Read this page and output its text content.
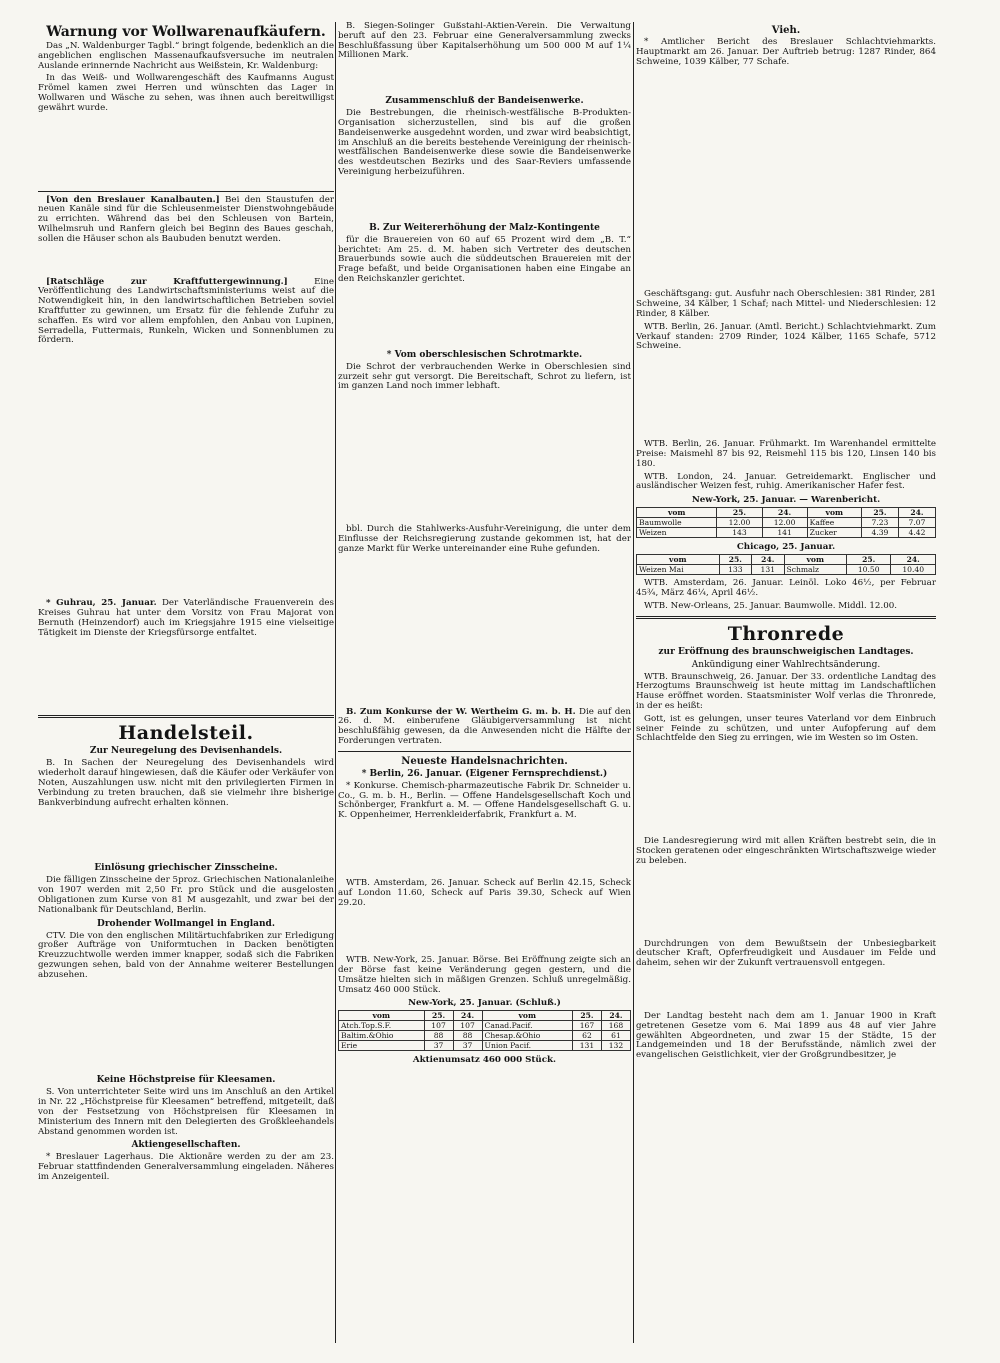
Warnung vor Wollwarenaufkäufern.

Das „N. Waldenburger Tagbl.“ bringt folgende, bedenklich an die angeblichen englischen Massenaufkaufsversuche im neutralen Auslande erinnernde Nachricht aus Weißstein, Kr. Waldenburg:

In das Weiß- und Wollwarengeschäft des Kaufmanns August Frömel kamen zwei Herren und wünschten das Lager in Wollwaren und Wäsche zu sehen, was ihnen auch bereitwilligst gewährt wurde.

[Von den Breslauer Kanalbauten.] Bei den Staustufen der neuen Kanäle sind für die Schleusenmeister Dienstwohngebäude zu errichten. Während das bei den Schleusen von Bartein, Wilhelmsruh und Ranfern gleich bei Beginn des Baues geschah, sollen die Häuser schon als Baubuden benutzt werden.

[Ratschläge zur Kraftfuttergewinnung.]	Eine Veröffentlichung des Landwirtschaftsministeriums weist auf die Notwendigkeit hin, in den landwirtschaftlichen Betrieben soviel Kraftfutter zu gewinnen, um Ersatz für die fehlende Zufuhr zu schaffen. Es wird vor allem empfohlen, den Anbau von Lupinen, Serradella, Futtermais, Runkeln, Wicken und Sonnenblumen zu fördern.

* Guhrau, 25. Januar. Der Vaterländische Frauenverein des Kreises Guhrau hat unter dem Vorsitz von Frau Majorat von Bernuth (Heinzendorf) auch im Kriegsjahre 1915 eine vielseitige Tätigkeit im Dienste der Kriegsfürsorge entfaltet.

Handelsteil.
Zur Neuregelung des Devisenhandels.

B. In Sachen der Neuregelung des Devisenhandels wird wiederholt darauf hingewiesen, daß die Käufer oder Verkäufer von Noten, Auszahlungen usw. nicht mit den privilegierten Firmen in Verbindung zu treten brauchen, daß sie vielmehr ihre bisherige Bankverbindung aufrecht erhalten können.

Einlösung griechischer Zinsscheine.

Die fälligen Zinsscheine der 5proz. Griechischen Nationalanleihe von 1907 werden mit 2,50 Fr. pro Stück und die ausgelosten Obligationen zum Kurse von 81 M ausgezahlt, und zwar bei der Nationalbank für Deutschland, Berlin.

Drohender Wollmangel in England.

CTV. Die von den englischen Militärtuchfabriken zur Erledigung großer Aufträge von Uniformtuchen in Dacken benötigten Kreuzzuchtwolle werden immer knapper, sodaß sich die Fabriken gezwungen sehen, bald von der Annahme weiterer Bestellungen abzusehen.

Keine Höchstpreise für Kleesamen.

S. Von unterrichteter Seite wird uns im Anschluß an den Artikel in Nr. 22 „Höchstpreise für Kleesamen“ betreffend, mitgeteilt, daß von der Festsetzung von Höchstpreisen für Kleesamen in Ministerium des Innern mit den Delegierten des Großkleehandels Abstand genommen worden ist.

Aktiengesellschaften.

* Breslauer Lagerhaus. Die Aktionäre werden zu der am 23. Februar stattfindenden Generalversammlung eingeladen. Näheres im Anzeigenteil.

B. Siegen-Solinger Gußstahl-Aktien-Verein. Die Verwaltung beruft auf den 23. Februar eine Generalversammlung zwecks Beschlußfassung über Kapitalserhöhung um 500 000 M auf 1¼ Millionen Mark.

Zusammenschluß der Bandeisenwerke.

Die Bestrebungen, die rheinisch-westfälische B-Produkten-Organisation sicherzustellen, sind bis auf die großen Bandeisenwerke ausgedehnt worden, und zwar wird beabsichtigt, im Anschluß an die bereits bestehende Vereinigung der rheinisch-westfälischen Bandeisenwerke diese sowie die Bandeisenwerke des westdeutschen Bezirks und des Saar-Reviers umfassende Vereinigung herbeizuführen.

B. Zur Weitererhöhung der Malz-Kontingente

für die Brauereien von 60 auf 65 Prozent wird dem „B. T.“ berichtet: Am 25. d. M. haben sich Vertreter des deutschen Brauerbunds sowie auch die süddeutschen Brauereien mit der Frage befaßt, und beide Organisationen haben eine Eingabe an den Reichskanzler gerichtet.

* Vom oberschlesischen Schrotmarkte.

Die Schrot der verbrauchenden Werke in Oberschlesien sind zurzeit sehr gut versorgt. Die Bereitschaft, Schrot zu liefern, ist im ganzen Land noch immer lebhaft.

bbl. Durch die Stahlwerks-Ausfuhr-Vereinigung, die unter dem Einflusse der Reichsregierung zustande gekommen ist, hat der ganze Markt für Werke untereinander eine Ruhe gefunden.

B. Zum Konkurse der W. Wertheim G. m. b. H. Die auf den 26. d. M. einberufene Gläubigerversammlung ist nicht beschlußfähig gewesen, da die Anwesenden nicht die Hälfte der Forderungen vertraten.

Neueste Handelsnachrichten.
* Berlin, 26. Januar. (Eigener Fernsprechdienst.)

* Konkurse. Chemisch-pharmazeutische Fabrik Dr. Schneider u. Co., G. m. b. H., Berlin. — Offene Handelsgesellschaft Koch und Schönberger, Frankfurt a. M. — Offene Handelsgesellschaft G. u. K. Oppenheimer, Herrenkleiderfabrik, Frankfurt a. M.

WTB. Amsterdam, 26. Januar. Scheck auf Berlin 42.15, Scheck auf London 11.60, Scheck auf Paris 39.30, Scheck auf Wien 29.20.

WTB. New-York, 25. Januar. Börse. Bei Eröffnung zeigte sich an der Börse fast keine Veränderung gegen gestern, und die Umsätze hielten sich in mäßigen Grenzen. Schluß unregelmäßig. Umsatz 460 000 Stück.

New-York, 25. Januar. (Schluß.)
vom	25.	24.	vom	25.	24.
Atch.Top.S.F.	107	107	Canad.Pacif.	167	168
Baltim.&Ohio	88	88	Chesap.&Ohio	62	61
Erie	37	37	Union Pacif.	131	132
Aktienumsatz 460 000 Stück.
Vieh.

* Amtlicher Bericht des Breslauer Schlachtviehmarkts. Hauptmarkt am 26. Januar. Der Auftrieb betrug: 1287 Rinder, 864 Schweine, 1039 Kälber, 77 Schafe.

Geschäftsgang: gut. Ausfuhr nach Oberschlesien: 381 Rinder, 281 Schweine, 34 Kälber, 1 Schaf; nach Mittel- und Niederschlesien: 12 Rinder, 8 Kälber.

WTB. Berlin, 26. Januar. (Amtl. Bericht.) Schlachtviehmarkt. Zum Verkauf standen: 2709 Rinder, 1024 Kälber, 1165 Schafe, 5712 Schweine.

WTB. Berlin, 26. Januar. Frühmarkt. Im Warenhandel ermittelte Preise: Maismehl 87 bis 92, Reismehl 115 bis 120, Linsen 140 bis 180.

WTB. London, 24. Januar. Getreidemarkt. Englischer und ausländischer Weizen fest, ruhig. Amerikanischer Hafer fest.

New-York, 25. Januar. — Warenbericht.
vom	25.	24.	vom	25.	24.
Baumwolle	12.00	12.00	Kaffee	7.23	7.07
Weizen	143	141	Zucker	4.39	4.42
Chicago, 25. Januar.
vom	25.	24.	vom	25.	24.
Weizen Mai	133	131	Schmalz	10.50	10.40

WTB. Amsterdam, 26. Januar. Leinöl. Loko 46½, per Februar 45¾, März 46¼, April 46½.

WTB. New-Orleans, 25. Januar. Baumwolle. Middl. 12.00.

Thronrede
zur Eröffnung des braunschweigischen Landtages.
Ankündigung einer Wahlrechtsänderung.

WTB. Braunschweig, 26. Januar. Der 33. ordentliche Landtag des Herzogtums Braunschweig ist heute mittag im Landschaftlichen Hause eröffnet worden. Staatsminister Wolf verlas die Thronrede, in der es heißt:

Gott, ist es gelungen, unser teures Vaterland vor dem Einbruch seiner Feinde zu schützen, und unter Aufopferung auf dem Schlachtfelde den Sieg zu erringen, wie im Westen so im Osten.

Die Landesregierung wird mit allen Kräften bestrebt sein, die in Stocken geratenen oder eingeschränkten Wirtschaftszweige wieder zu beleben.

Durchdrungen von dem Bewußtsein der Unbesiegbarkeit deutscher Kraft, Opferfreudigkeit und Ausdauer im Felde und daheim, sehen wir der Zukunft vertrauensvoll entgegen.

Der Landtag besteht nach dem am 1. Januar 1900 in Kraft getretenen Gesetze vom 6. Mai 1899 aus 48 auf vier Jahre gewählten Abgeordneten, und zwar 15 der Städte, 15 der Landgemeinden und 18 der Berufsstände, nämlich zwei der evangelischen Geistlichkeit, vier der Großgrundbesitzer, je
